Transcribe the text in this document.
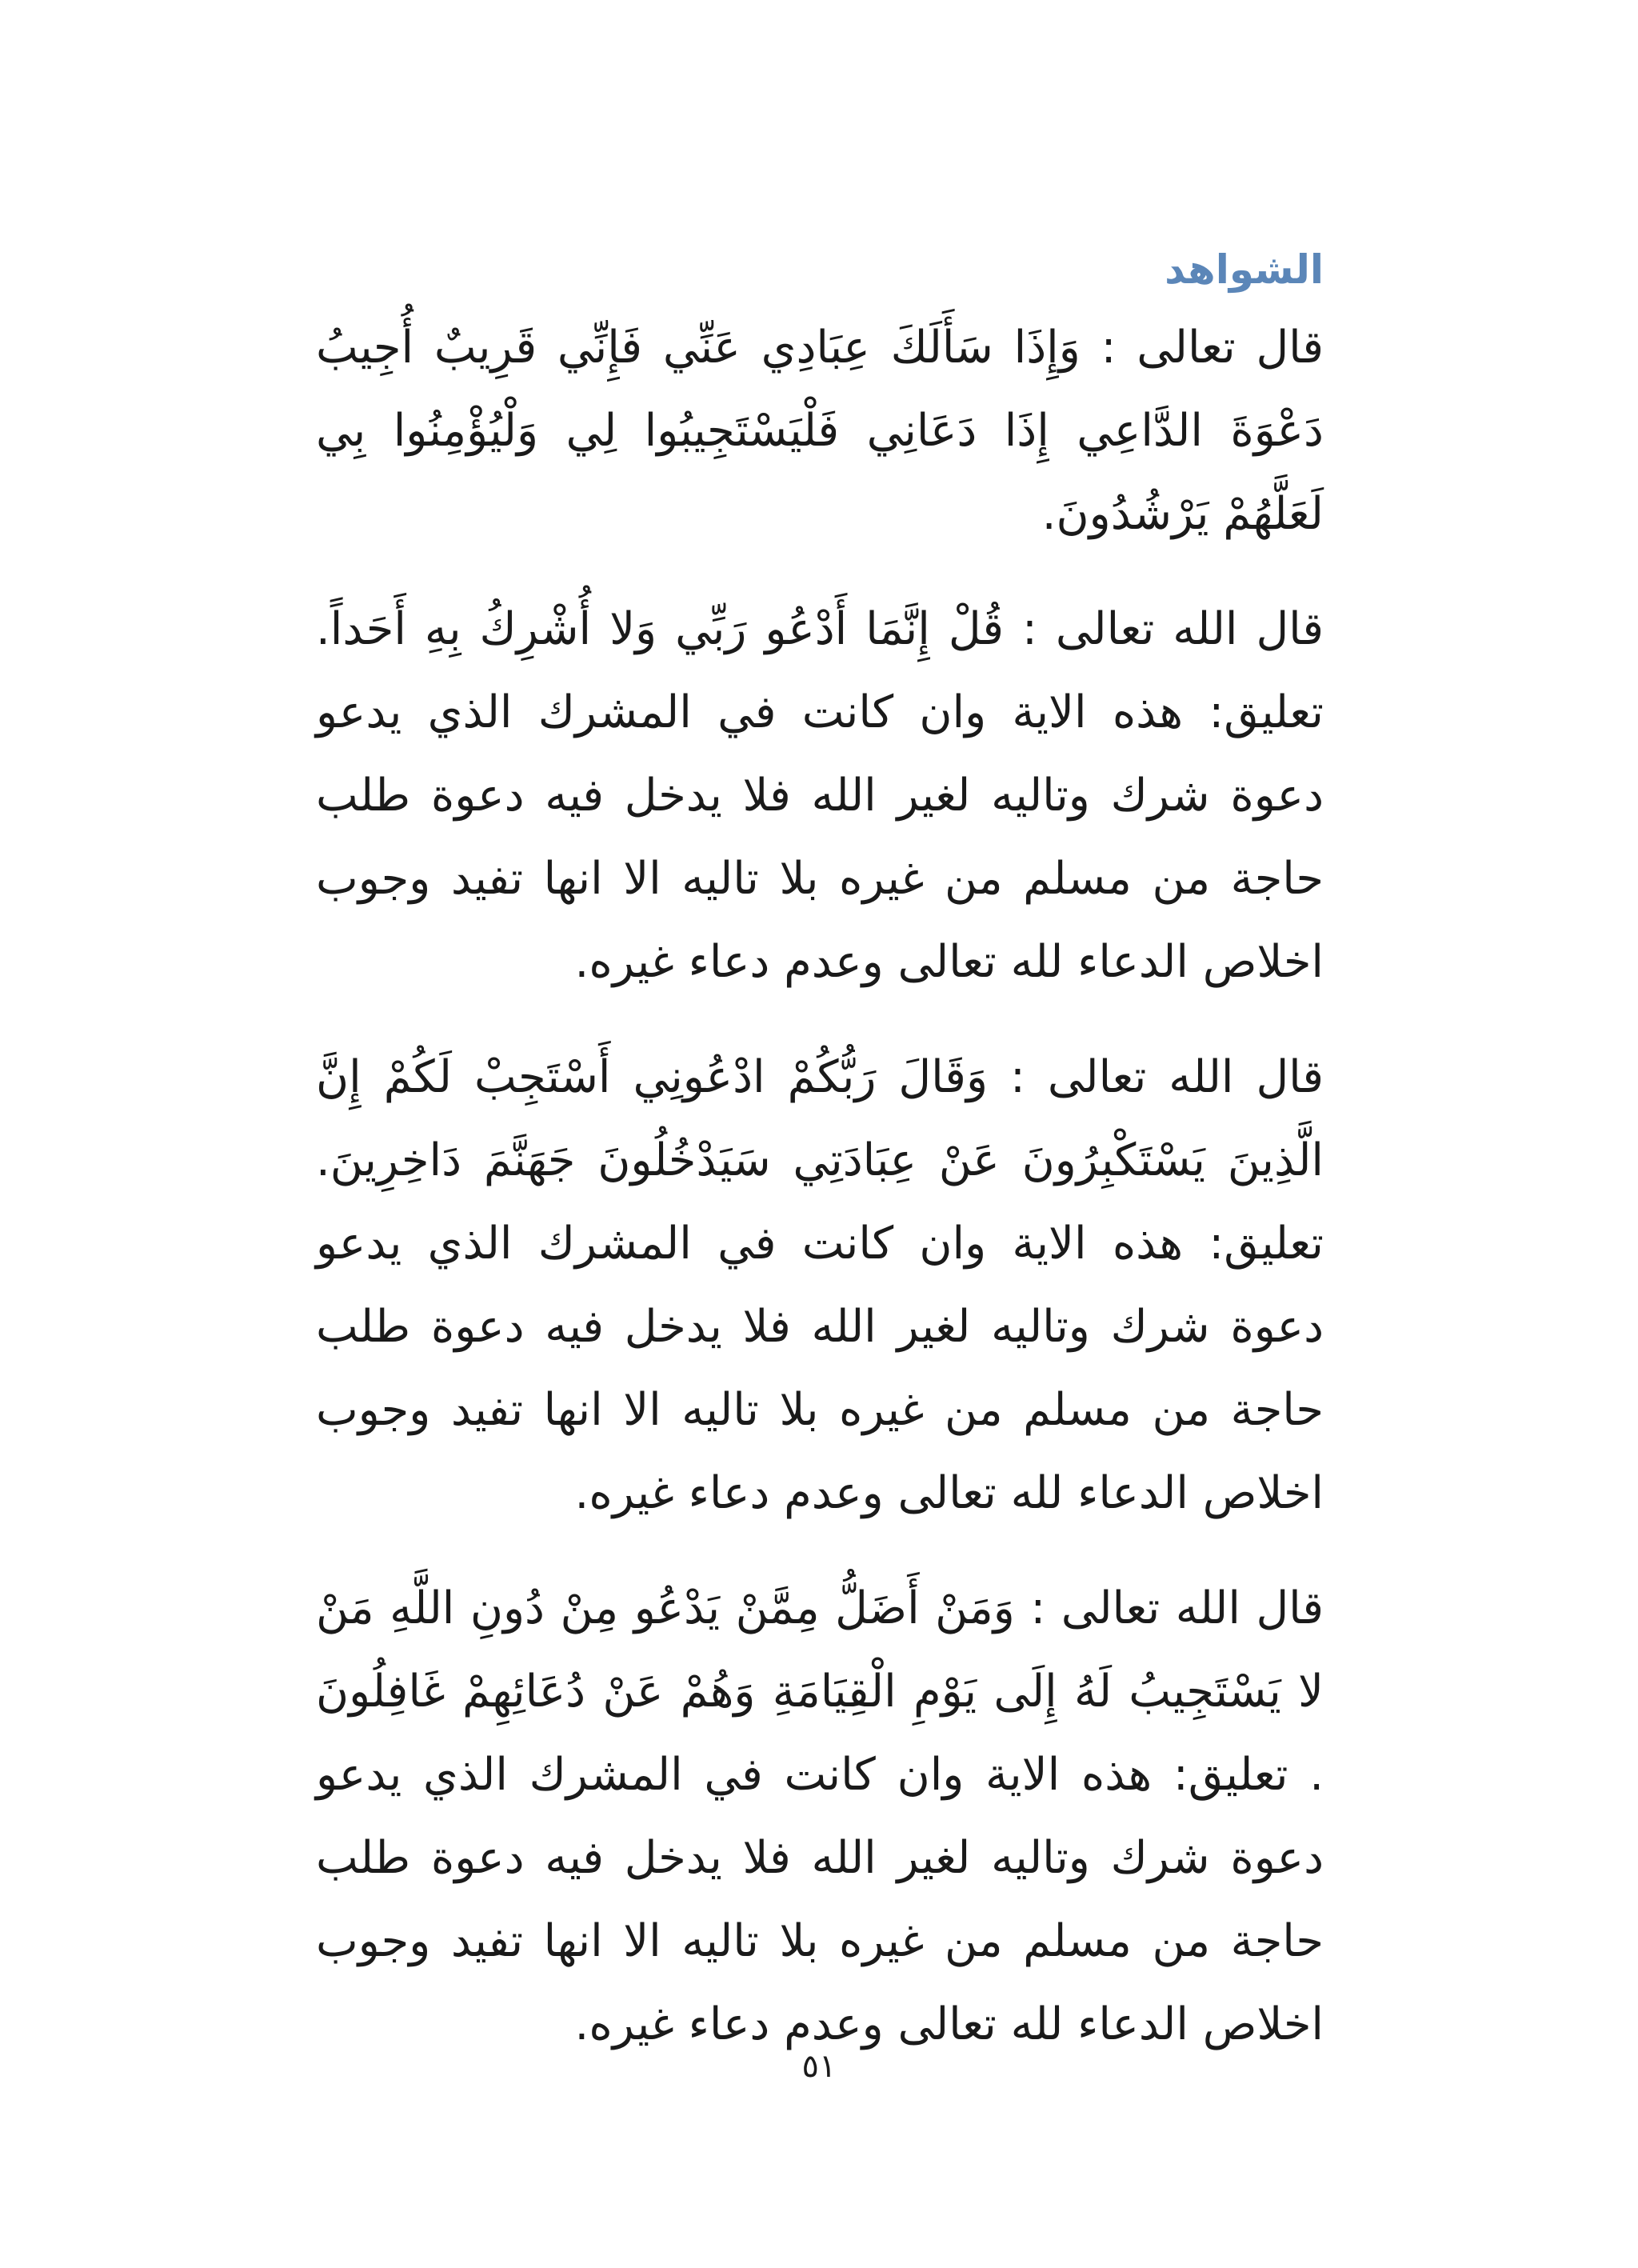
الشواهد

قال تعالى : وَإِذَا سَأَلَكَ عِبَادِي عَنِّي فَإِنِّي قَرِيبٌ أُجِيبُ دَعْوَةَ الدَّاعِي إِذَا دَعَانِي فَلْيَسْتَجِيبُوا لِي وَلْيُؤْمِنُوا بِي لَعَلَّهُمْ يَرْشُدُونَ.

قال الله تعالى : قُلْ إِنَّمَا أَدْعُو رَبِّي وَلا أُشْرِكُ بِهِ أَحَداً. تعليق: هذه الاية وان كانت في المشرك الذي يدعو دعوة شرك وتاليه لغير الله فلا يدخل فيه دعوة طلب حاجة من مسلم من غيره بلا تاليه الا انها تفيد وجوب اخلاص الدعاء لله تعالى وعدم دعاء غيره.

قال الله تعالى : وَقَالَ رَبُّكُمْ ادْعُونِي أَسْتَجِبْ لَكُمْ إِنَّ الَّذِينَ يَسْتَكْبِرُونَ عَنْ عِبَادَتِي سَيَدْخُلُونَ جَهَنَّمَ دَاخِرِينَ. تعليق: هذه الاية وان كانت في المشرك الذي يدعو دعوة شرك وتاليه لغير الله فلا يدخل فيه دعوة طلب حاجة من مسلم من غيره بلا تاليه الا انها تفيد وجوب اخلاص الدعاء لله تعالى وعدم دعاء غيره.

قال الله تعالى : وَمَنْ أَضَلُّ مِمَّنْ يَدْعُو مِنْ دُونِ اللَّهِ مَنْ لا يَسْتَجِيبُ لَهُ إِلَى يَوْمِ الْقِيَامَةِ وَهُمْ عَنْ دُعَائِهِمْ غَافِلُونَ . تعليق: هذه الاية وان كانت في المشرك الذي يدعو دعوة شرك وتاليه لغير الله فلا يدخل فيه دعوة طلب حاجة من مسلم من غيره بلا تاليه الا انها تفيد وجوب اخلاص الدعاء لله تعالى وعدم دعاء غيره.

٥١
